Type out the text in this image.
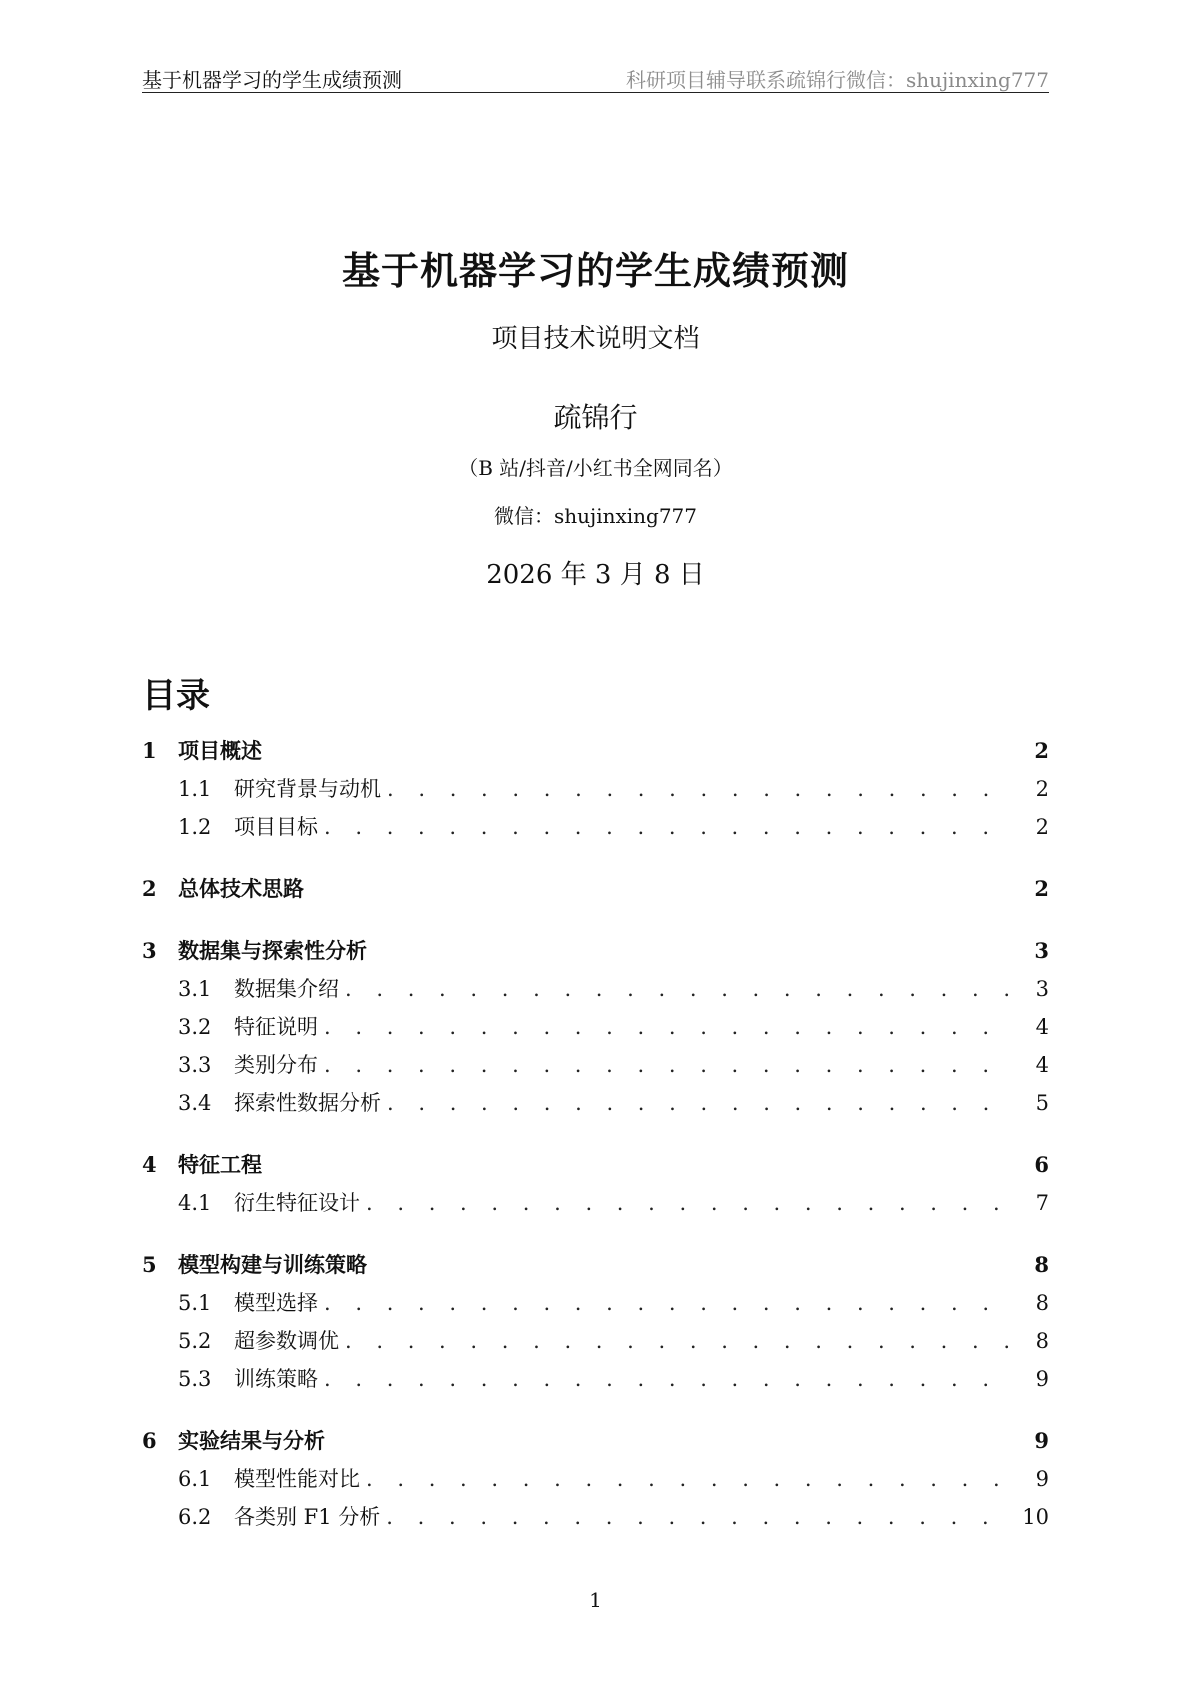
基于机器学习的学生成绩预测	科研项目辅导联系疏锦行微信：shujinxing777
基于机器学习的学生成绩预测
项目技术说明文档
疏锦行
（B 站/抖音/小红书全网同名）
微信：shujinxing777
2026 年 3 月 8 日
目录
1	项目概述	2
1.1	研究背景与动机 . . .	2
1.2	项目目标 . . .	2
2	总体技术思路	2
3	数据集与探索性分析	3
3.1	数据集介绍 . . .	3
3.2	特征说明 . . .	4
3.3	类别分布 . . .	4
3.4	探索性数据分析 . . .	5
4	特征工程	6
4.1	衍生特征设计 . . .	7
5	模型构建与训练策略	8
5.1	模型选择 . . .	8
5.2	超参数调优 . . .	8
5.3	训练策略 . . .	9
6	实验结果与分析	9
6.1	模型性能对比 . . .	9
6.2	各类别 F1 分析 . . .	10
1
